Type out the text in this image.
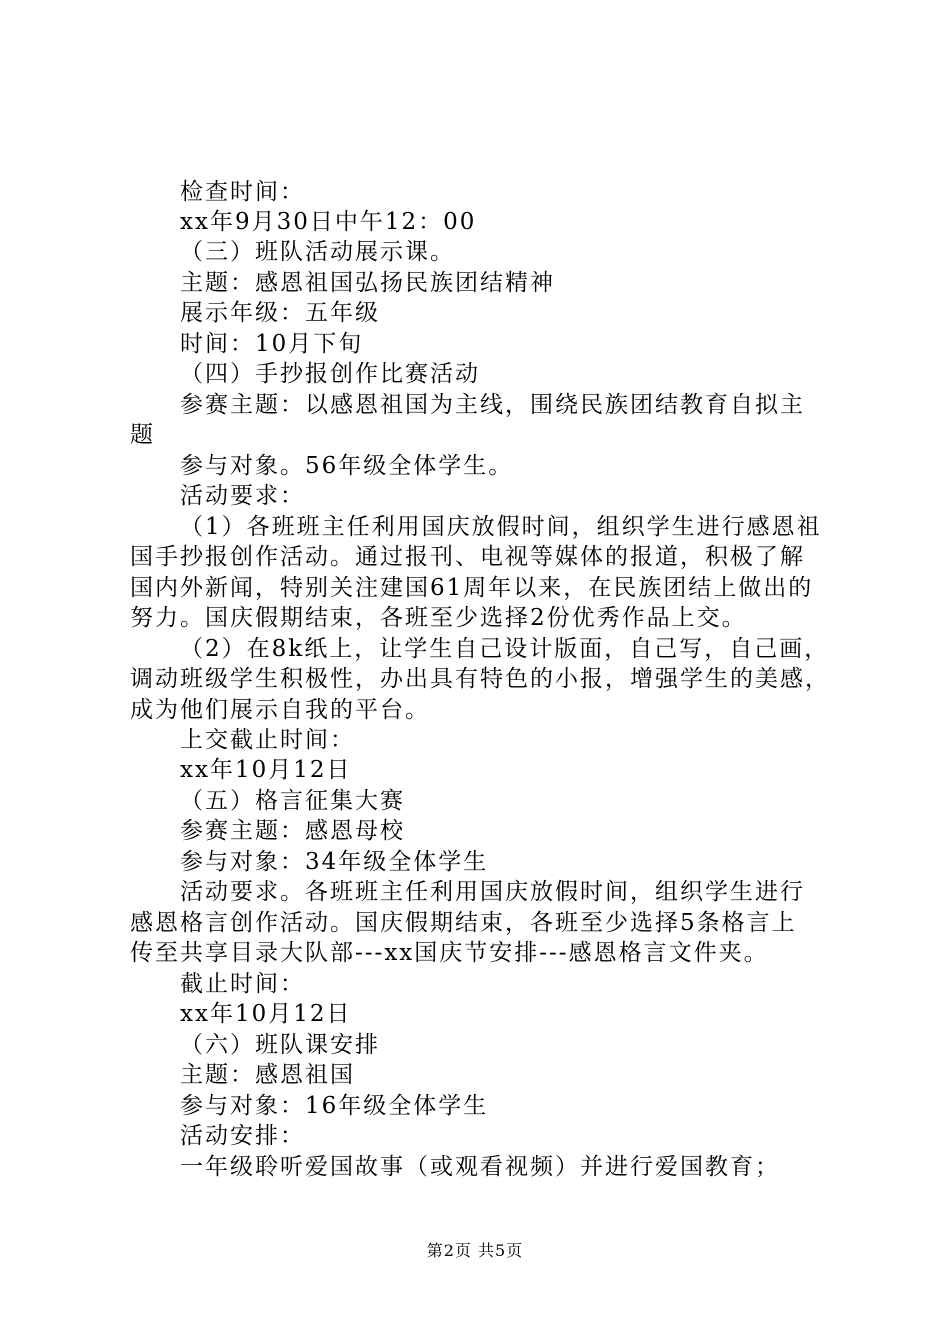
检查时间：
xx年9月30日中午12：00
（三）班队活动展示课。
主题：感恩祖国弘扬民族团结精神
展示年级：五年级
时间：10月下旬
（四）手抄报创作比赛活动
参赛主题：以感恩祖国为主线，围绕民族团结教育自拟主
题
参与对象。56年级全体学生。
活动要求：
（1）各班班主任利用国庆放假时间，组织学生进行感恩祖
国手抄报创作活动。通过报刊、电视等媒体的报道，积极了解
国内外新闻，特别关注建国61周年以来，在民族团结上做出的
努力。国庆假期结束，各班至少选择2份优秀作品上交。
（2）在8k纸上，让学生自己设计版面，自己写，自己画，
调动班级学生积极性，办出具有特色的小报，增强学生的美感，
成为他们展示自我的平台。
上交截止时间：
xx年10月12日
（五）格言征集大赛
参赛主题：感恩母校
参与对象：34年级全体学生
活动要求。各班班主任利用国庆放假时间，组织学生进行
感恩格言创作活动。国庆假期结束，各班至少选择5条格言上
传至共享目录大队部---xx国庆节安排---感恩格言文件夹。
截止时间：
xx年10月12日
（六）班队课安排
主题：感恩祖国
参与对象：16年级全体学生
活动安排：
一年级聆听爱国故事（或观看视频）并进行爱国教育；
第2页 共5页
